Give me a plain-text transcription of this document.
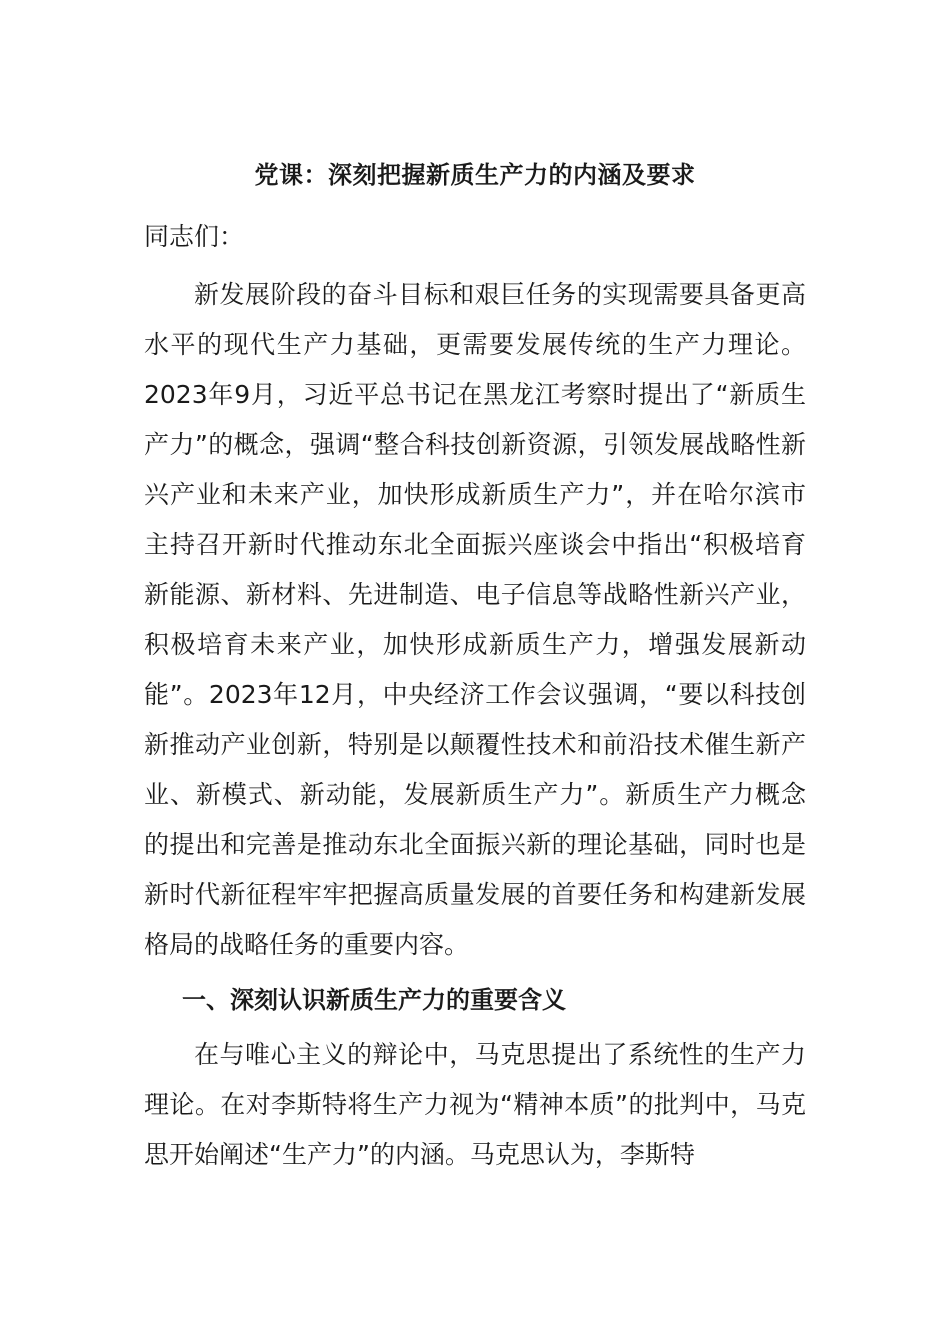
党课：深刻把握新质生产力的内涵及要求
同志们：

新发展阶段的奋斗目标和艰巨任务的实现需要具备更高水平的现代生产力基础，更需要发展传统的生产力理论。2023年9月，习近平总书记在黑龙江考察时提出了“新质生产力”的概念，强调“整合科技创新资源，引领发展战略性新兴产业和未来产业，加快形成新质生产力”，并在哈尔滨市主持召开新时代推动东北全面振兴座谈会中指出“积极培育新能源、新材料、先进制造、电子信息等战略性新兴产业，积极培育未来产业，加快形成新质生产力，增强发展新动能”。2023年12月，中央经济工作会议强调，“要以科技创新推动产业创新，特别是以颠覆性技术和前沿技术催生新产业、新模式、新动能，发展新质生产力”。新质生产力概念的提出和完善是推动东北全面振兴新的理论基础，同时也是新时代新征程牢牢把握高质量发展的首要任务和构建新发展格局的战略任务的重要内容。

一、深刻认识新质生产力的重要含义

在与唯心主义的辩论中，马克思提出了系统性的生产力理论。在对李斯特将生产力视为“精神本质”的批判中，马克思开始阐述“生产力”的内涵。马克思认为，李斯特
